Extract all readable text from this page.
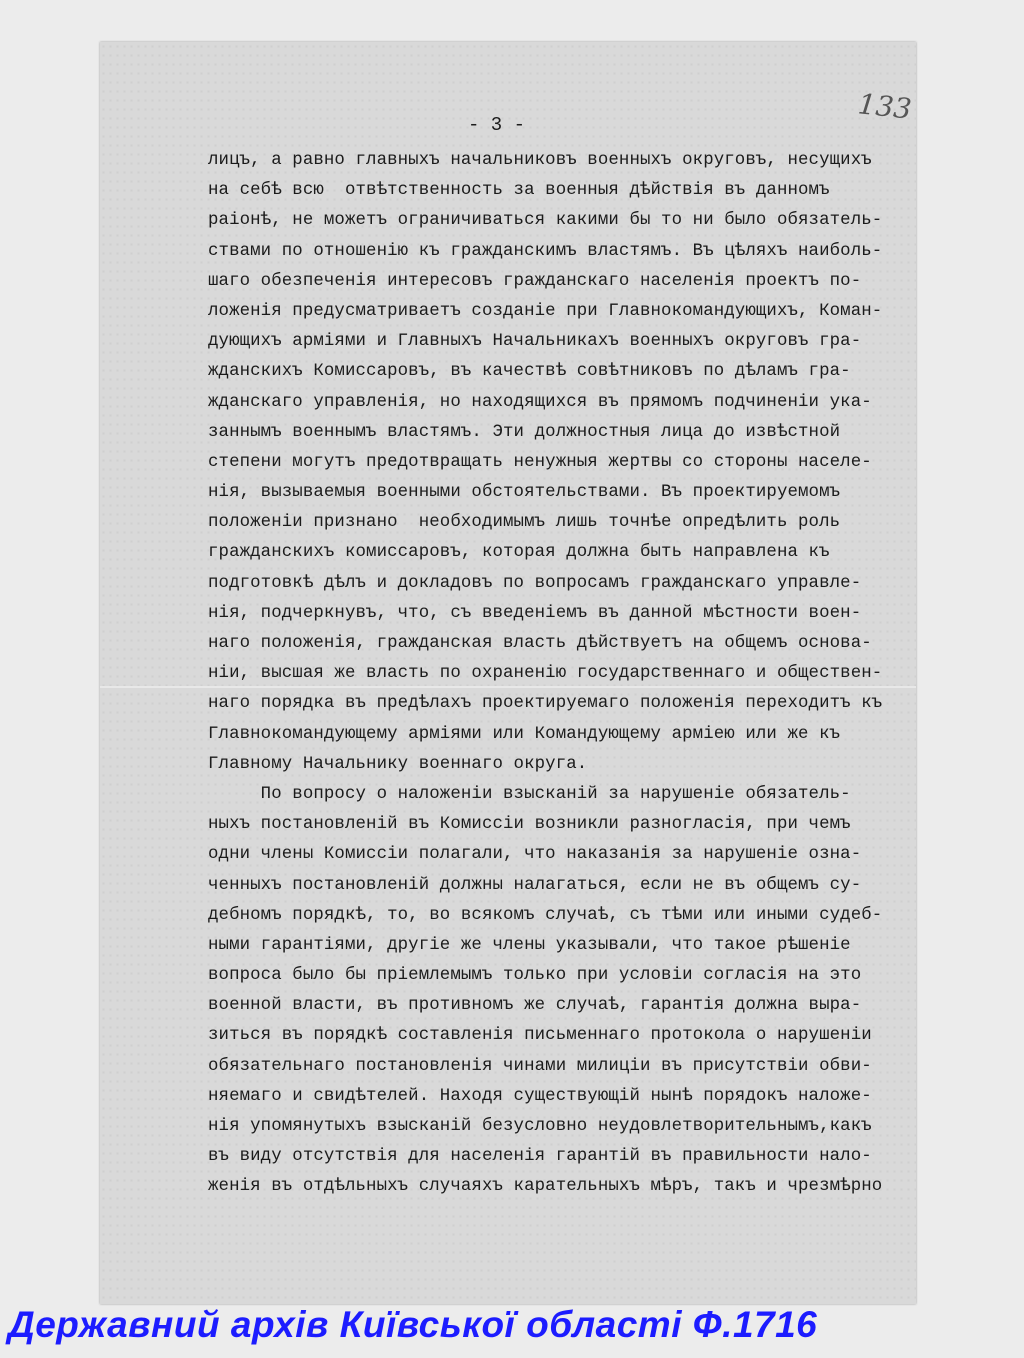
- 3 -	133
лицъ, а равно главныхъ начальниковъ военныхъ округовъ, несущихъ
на себѣ всю  отвѣтственность за военныя дѣйствія въ данномъ
раіонѣ, не можетъ ограничиваться какими бы то ни было обязатель-
ствами по отношенію къ гражданскимъ властямъ. Въ цѣляхъ наиболь-
шаго обезпеченія интересовъ гражданскаго населенія проектъ по-
ложенія предусматриваетъ созданіе при Главнокомандующихъ, Коман-
дующихъ арміями и Главныхъ Начальникахъ военныхъ округовъ гра-
жданскихъ Комиссаровъ, въ качествѣ совѣтниковъ по дѣламъ гра-
жданскаго управленія, но находящихся въ прямомъ подчиненіи ука-
заннымъ военнымъ властямъ. Эти должностныя лица до извѣстной
степени могутъ предотвращать ненужныя жертвы со стороны населе-
нія, вызываемыя военными обстоятельствами. Въ проектируемомъ
положеніи признано  необходимымъ лишь точнѣе опредѣлить роль
гражданскихъ комиссаровъ, которая должна быть направлена къ
подготовкѣ дѣлъ и докладовъ по вопросамъ гражданскаго управле-
нія, подчеркнувъ, что, съ введеніемъ въ данной мѣстности воен-
наго положенія, гражданская власть дѣйствуетъ на общемъ основа-
ніи, высшая же власть по охраненію государственнаго и обществен-
наго порядка въ предѣлахъ проектируемаго положенія переходитъ къ
Главнокомандующему арміями или Командующему арміею или же къ
Главному Начальнику военнаго округа.
По вопросу о наложеніи взысканій за нарушеніе обязатель-
ныхъ постановленій въ Комиссіи возникли разногласія, при чемъ
одни члены Комиссіи полагали, что наказанія за нарушеніе озна-
ченныхъ постановленій должны налагаться, если не въ общемъ су-
дебномъ порядкѣ, то, во всякомъ случаѣ, съ тѣми или иными судеб-
ными гарантіями, другіе же члены указывали, что такое рѣшеніе
вопроса было бы пріемлемымъ только при условіи согласія на это
военной власти, въ противномъ же случаѣ, гарантія должна выра-
зиться въ порядкѣ составленія письменнаго протокола о нарушеніи
обязательнаго постановленія чинами милиціи въ присутствіи обви-
няемаго и свидѣтелей. Находя существующій нынѣ порядокъ наложе-
нія упомянутыхъ взысканій безусловно неудовлетворительнымъ,какъ
въ виду отсутствія для населенія гарантій въ правильности нало-
женія въ отдѣльныхъ случаяхъ карательныхъ мѣръ, такъ и чрезмѣрно
Державний архів Київської області Ф.1716
